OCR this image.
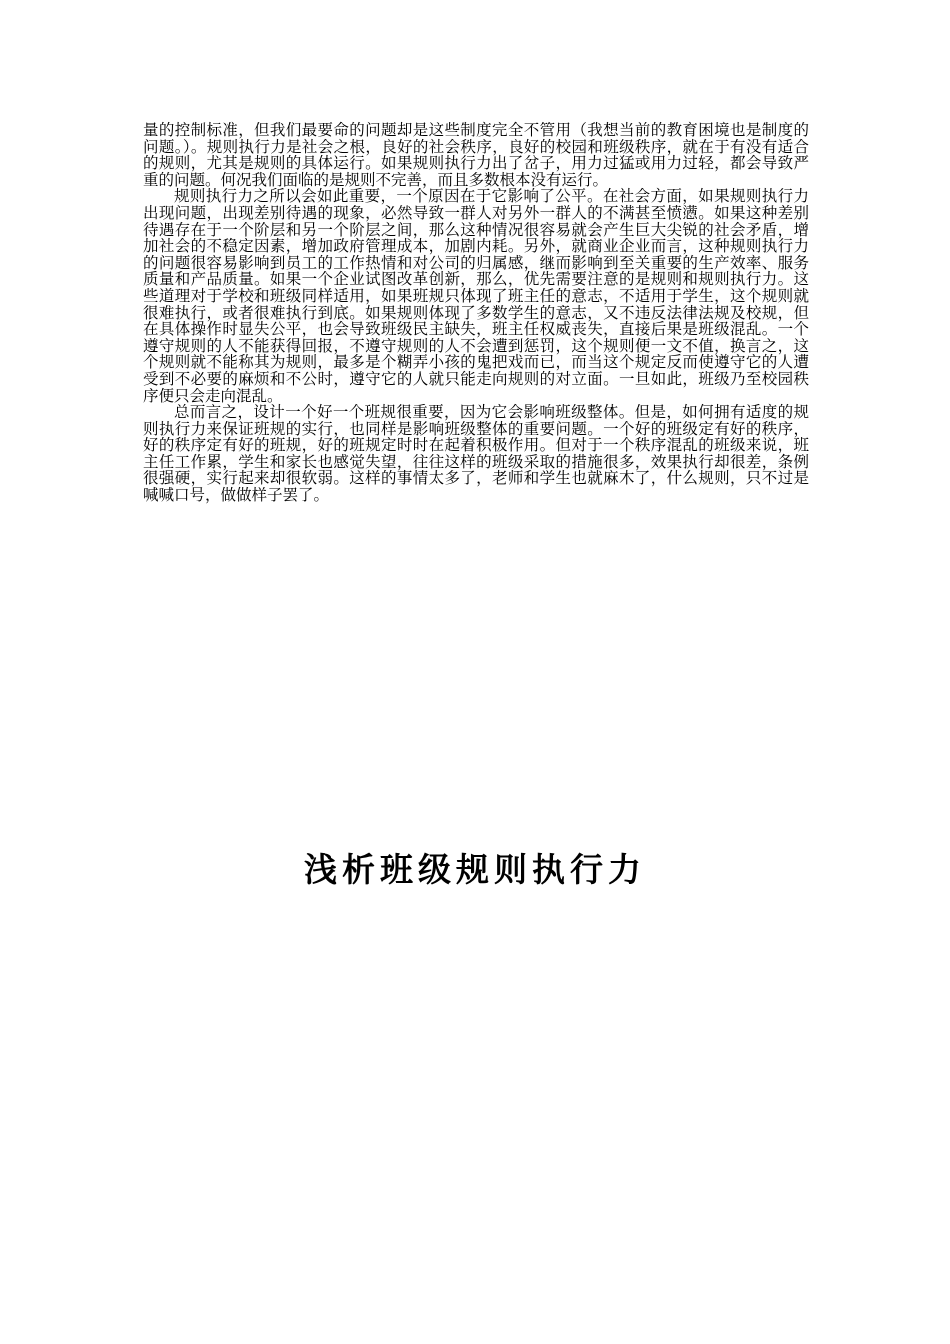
量的控制标准，但我们最要命的问题却是这些制度完全不管用（我想当前的教育困境也是制度的问题。）。规则执行力是社会之根，良好的社会秩序，良好的校园和班级秩序，就在于有没有适合的规则，尤其是规则的具体运行。如果规则执行力出了岔子，用力过猛或用力过轻，都会导致严重的问题。何况我们面临的是规则不完善，而且多数根本没有运行。

规则执行力之所以会如此重要，一个原因在于它影响了公平。在社会方面，如果规则执行力出现问题，出现差别待遇的现象，必然导致一群人对另外一群人的不满甚至愤懑。如果这种差别待遇存在于一个阶层和另一个阶层之间，那么这种情况很容易就会产生巨大尖锐的社会矛盾，增加社会的不稳定因素，增加政府管理成本，加剧内耗。另外，就商业企业而言，这种规则执行力的问题很容易影响到员工的工作热情和对公司的归属感，继而影响到至关重要的生产效率、服务质量和产品质量。如果一个企业试图改革创新，那么，优先需要注意的是规则和规则执行力。这些道理对于学校和班级同样适用，如果班规只体现了班主任的意志，不适用于学生，这个规则就很难执行，或者很难执行到底。如果规则体现了多数学生的意志，又不违反法律法规及校规，但在具体操作时显失公平，也会导致班级民主缺失，班主任权威丧失，直接后果是班级混乱。一个遵守规则的人不能获得回报，不遵守规则的人不会遭到惩罚，这个规则便一文不值，换言之，这个规则就不能称其为规则，最多是个糊弄小孩的鬼把戏而已，而当这个规定反而使遵守它的人遭受到不必要的麻烦和不公时，遵守它的人就只能走向规则的对立面。一旦如此，班级乃至校园秩序便只会走向混乱。

总而言之，设计一个好一个班规很重要，因为它会影响班级整体。但是，如何拥有适度的规则执行力来保证班规的实行，也同样是影响班级整体的重要问题。一个好的班级定有好的秩序，好的秩序定有好的班规，好的班规定时时在起着积极作用。但对于一个秩序混乱的班级来说，班主任工作累，学生和家长也感觉失望，往往这样的班级采取的措施很多，效果执行却很差，条例很强硬，实行起来却很软弱。这样的事情太多了，老师和学生也就麻木了，什么规则，只不过是喊喊口号，做做样子罢了。

浅析班级规则执行力
